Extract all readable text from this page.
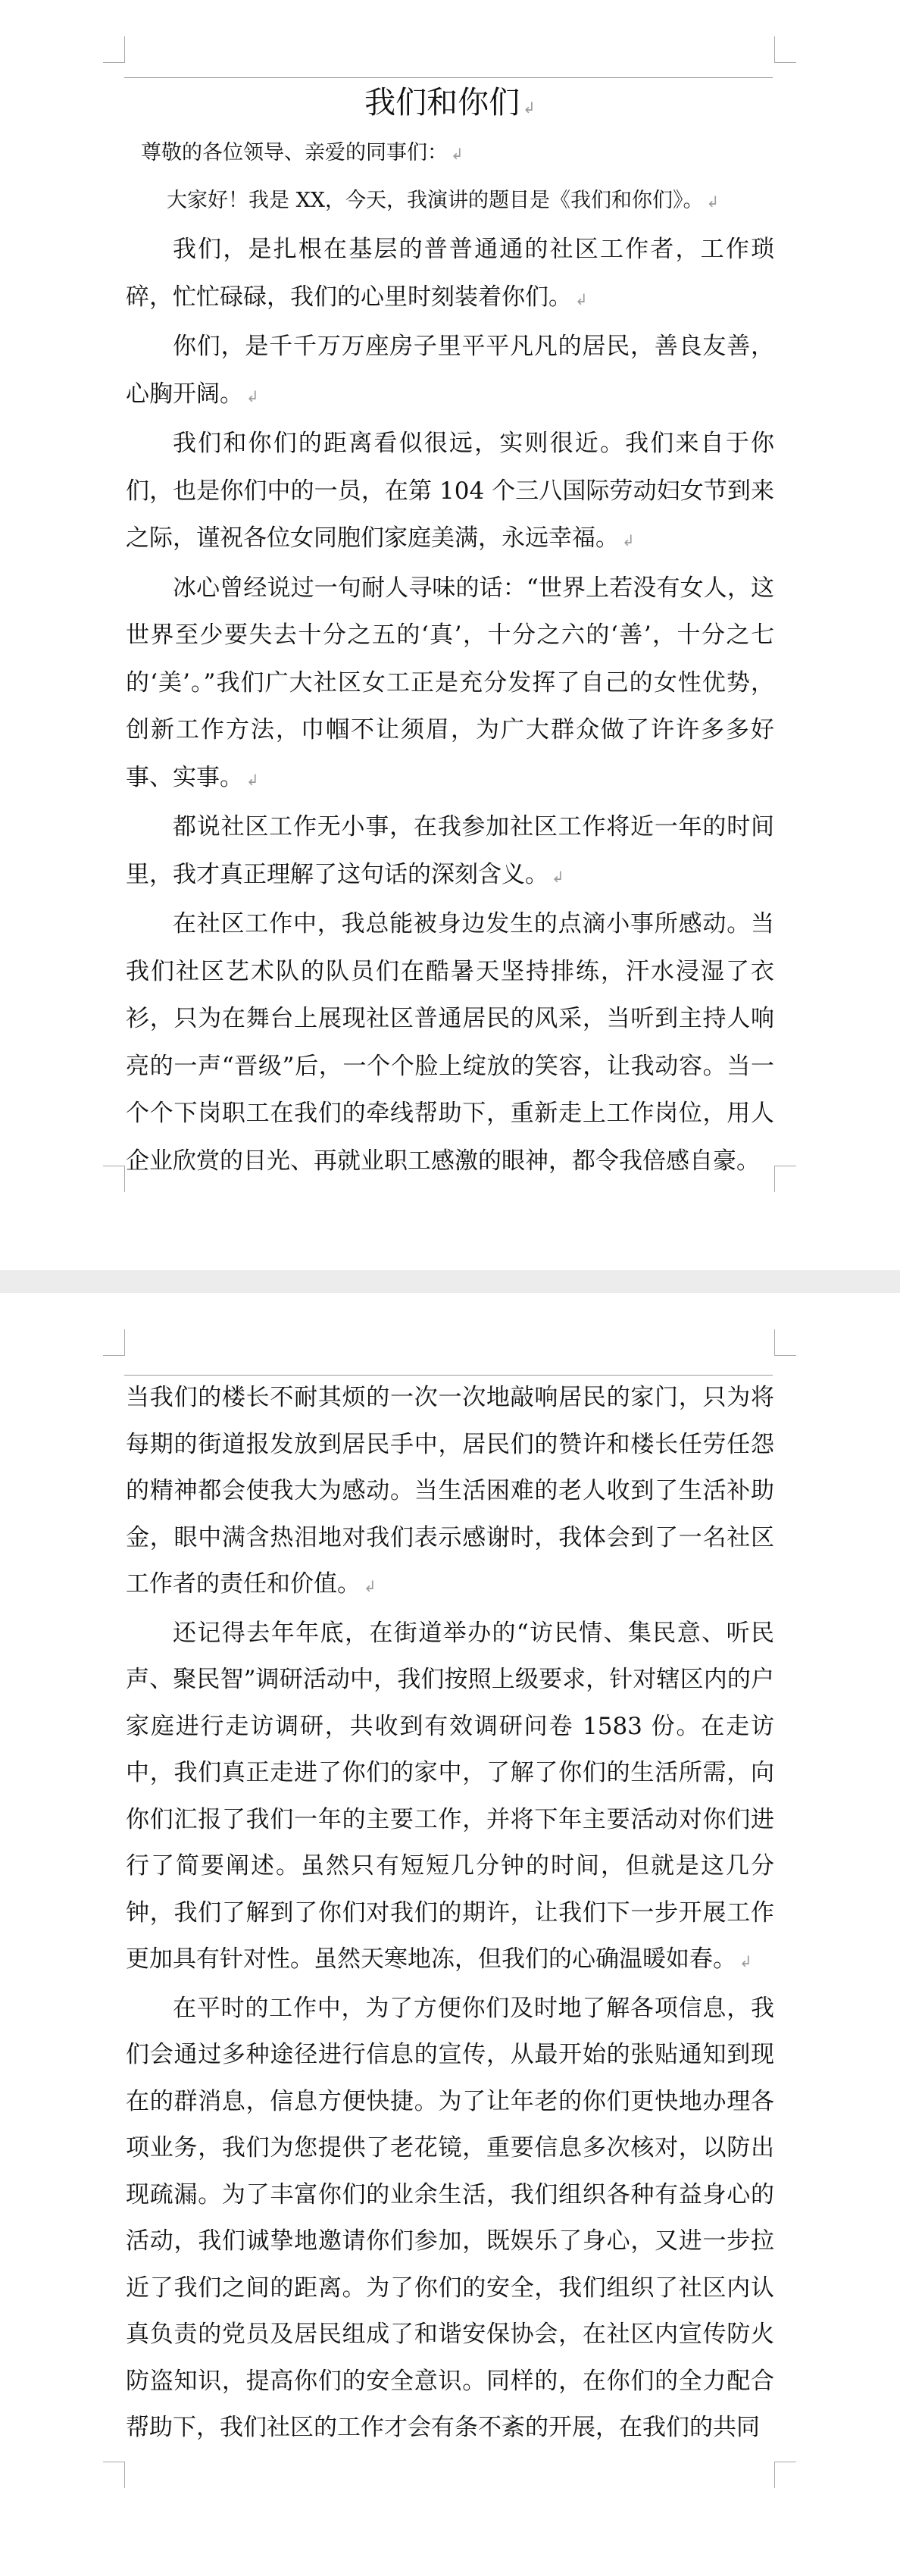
我们和你们 ↲

尊敬的各位领导、亲爱的同事们： ↲

大家好！我是 XX，今天，我演讲的题目是《我们和你们》。 ↲

我们，是扎根在基层的普普通通的社区工作者，工作琐碎，忙忙碌碌，我们的心里时刻装着你们。 ↲

你们，是千千万万座房子里平平凡凡的居民，善良友善，心胸开阔。 ↲

我们和你们的距离看似很远，实则很近。我们来自于你们，也是你们中的一员，在第 104 个三八国际劳动妇女节到来之际，谨祝各位女同胞们家庭美满，永远幸福。 ↲

冰心曾经说过一句耐人寻味的话：“世界上若没有女人，这世界至少要失去十分之五的‘真’，十分之六的‘善’，十分之七的‘美’。”我们广大社区女工正是充分发挥了自己的女性优势，创新工作方法，巾帼不让须眉，为广大群众做了许许多多好事、实事。 ↲

都说社区工作无小事，在我参加社区工作将近一年的时间里，我才真正理解了这句话的深刻含义。 ↲

在社区工作中，我总能被身边发生的点滴小事所感动。当我们社区艺术队的队员们在酷暑天坚持排练，汗水浸湿了衣衫，只为在舞台上展现社区普通居民的风采，当听到主持人响亮的一声“晋级”后，一个个脸上绽放的笑容，让我动容。当一个个下岗职工在我们的牵线帮助下，重新走上工作岗位，用人企业欣赏的目光、再就业职工感激的眼神，都令我倍感自豪。

当我们的楼长不耐其烦的一次一次地敲响居民的家门，只为将每期的街道报发放到居民手中，居民们的赞许和楼长任劳任怨的精神都会使我大为感动。当生活困难的老人收到了生活补助金，眼中满含热泪地对我们表示感谢时，我体会到了一名社区工作者的责任和价值。 ↲

还记得去年年底，在街道举办的“访民情、集民意、听民声、聚民智”调研活动中，我们按照上级要求，针对辖区内的户家庭进行走访调研，共收到有效调研问卷 1583 份。在走访中，我们真正走进了你们的家中，了解了你们的生活所需，向你们汇报了我们一年的主要工作，并将下年主要活动对你们进行了简要阐述。虽然只有短短几分钟的时间，但就是这几分钟，我们了解到了你们对我们的期许，让我们下一步开展工作更加具有针对性。虽然天寒地冻，但我们的心确温暖如春。 ↲

在平时的工作中，为了方便你们及时地了解各项信息，我们会通过多种途径进行信息的宣传，从最开始的张贴通知到现在的群消息，信息方便快捷。为了让年老的你们更快地办理各项业务，我们为您提供了老花镜，重要信息多次核对，以防出现疏漏。为了丰富你们的业余生活，我们组织各种有益身心的活动，我们诚挚地邀请你们参加，既娱乐了身心，又进一步拉近了我们之间的距离。为了你们的安全，我们组织了社区内认真负责的党员及居民组成了和谐安保协会，在社区内宣传防火防盗知识，提高你们的安全意识。同样的，在你们的全力配合帮助下，我们社区的工作才会有条不紊的开展，在我们的共同
